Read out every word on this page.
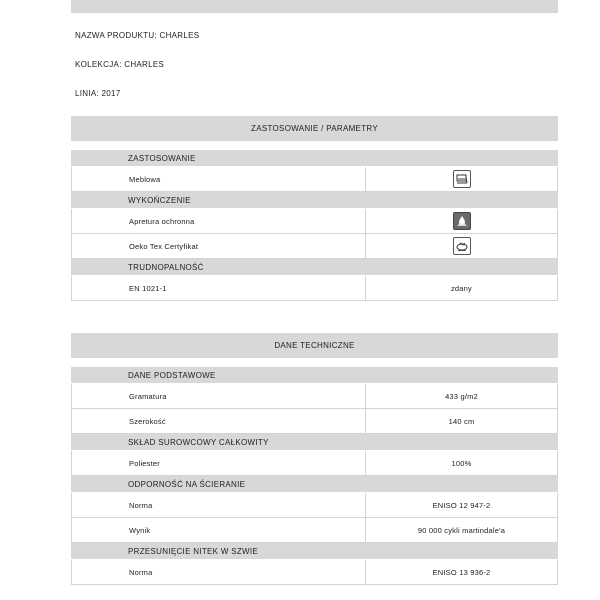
NAZWA PRODUKTU: CHARLES
KOLEKCJA: CHARLES
LINIA: 2017
ZASTOSOWANIE / PARAMETRY
ZASTOSOWANIE
Meblowa
WYKOŃCZENIE
Apretura ochronna
Oeko Tex Certyfikat
TRUDNOPALNOŚĆ
EN 1021-1	zdany
DANE TECHNICZNE
DANE PODSTAWOWE
Gramatura	433 g/m2
Szerokość	140 cm
SKŁAD SUROWCOWY CAŁKOWITY
Poliester	100%
ODPORNOŚĆ NA ŚCIERANIE
Norma	ENISO 12 947-2
Wynik	90 000 cykli martindale'a
PRZESUNIĘCIE NITEK W SZWIE
Norma	ENISO 13 936-2
